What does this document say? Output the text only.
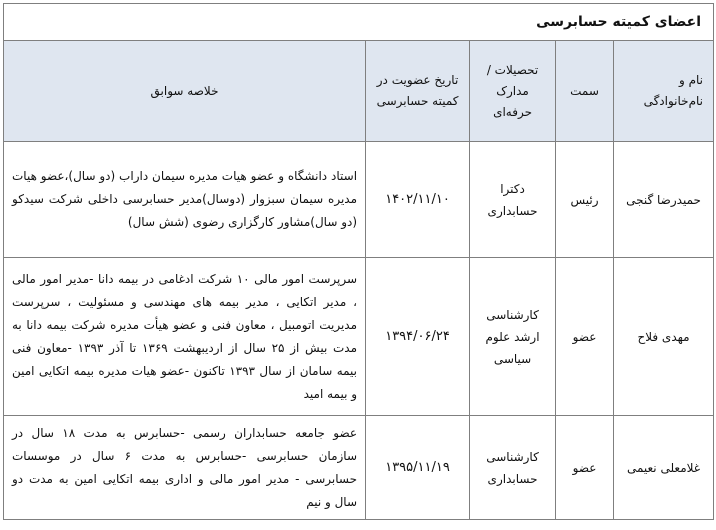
اعضای کمیته حسابرسی				
نام و نام‌خانوادگی	سمت	تحصیلات / مدارک حرفه‌ای	تاریخ عضویت در کمیته حسابرسی	خلاصه سوابق
حمیدرضا گنجی	رئیس	دکترا حسابداری	۱۴۰۲/۱۱/۱۰	استاد دانشگاه و عضو هیات مدیره سیمان داراب (دو سال)،عضو هیات مدیره سیمان سبزوار (دوسال)مدیر حسابرسی داخلی شرکت سیدکو (دو سال)مشاور کارگزاری رضوی (شش سال)
مهدی فلاح	عضو	کارشناسی ارشد علوم سیاسی	۱۳۹۴/۰۶/۲۴	سرپرست امور مالی ۱۰ شرکت ادغامی در بیمه دانا -مدیر امور مالی ، مدیر اتکایی ، مدیر بیمه های مهندسی و مسئولیت ، سرپرست مدیریت اتومبیل ، معاون فنی و عضو هیأت مدیره شرکت بیمه دانا به مدت بیش از ۲۵ سال از اردیبهشت ۱۳۶۹ تا آذر ۱۳۹۳ -معاون فنی بیمه سامان از سال ۱۳۹۳ تاکنون -عضو هیات مدیره بیمه اتکایی امین و بیمه امید
غلامعلی نعیمی	عضو	کارشناسی حسابداری	۱۳۹۵/۱۱/۱۹	عضو جامعه حسابداران رسمی -حسابرس به مدت ۱۸ سال در سازمان حسابرسی -حسابرس به مدت ۶ سال در موسسات حسابرسی - مدیر امور مالی و اداری بیمه اتکایی امین به مدت دو سال و نیم
